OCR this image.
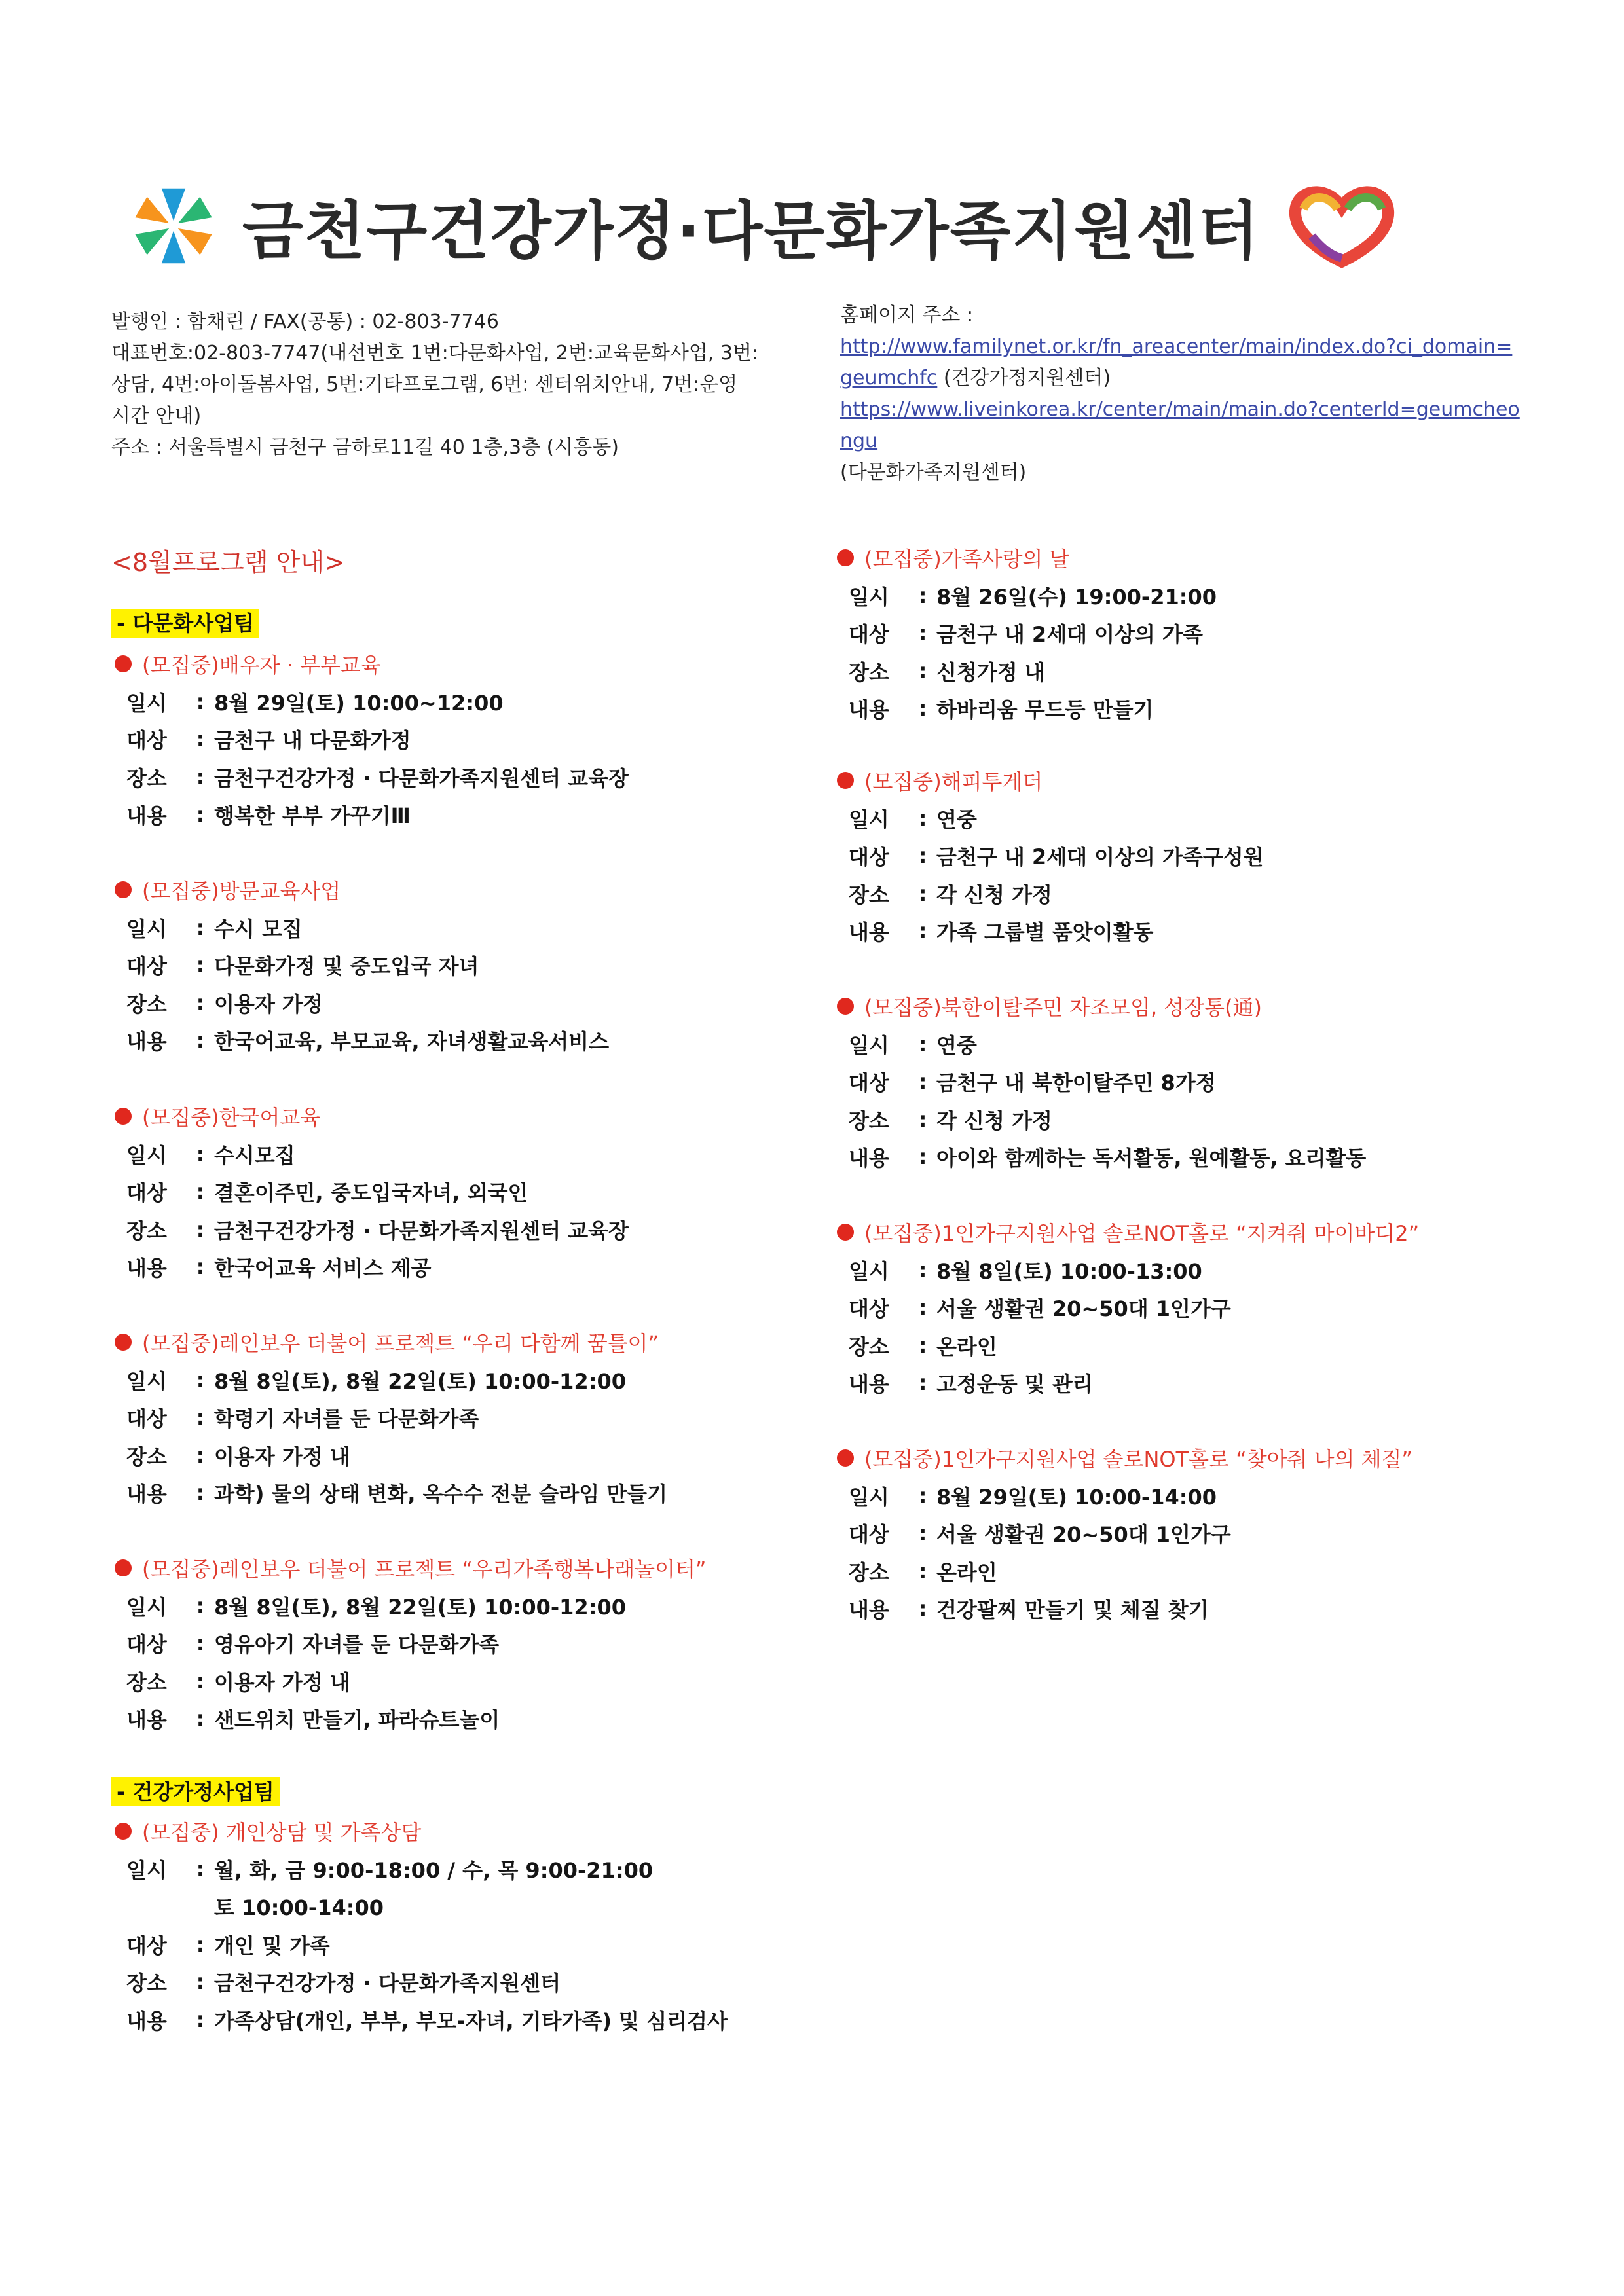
금천구건강가정·다문화가족지원센터
발행인 : 함채린 / FAX(공통) : 02-803-7746
대표번호:02-803-7747(내선번호 1번:다문화사업, 2번:교육문화사업, 3번:
상담, 4번:아이돌봄사업, 5번:기타프로그램, 6번: 센터위치안내, 7번:운영
시간 안내)
주소 : 서울특별시 금천구 금하로11길 40 1층,3층 (시흥동)
홈페이지 주소 :
http://www.familynet.or.kr/fn_areacenter/main/index.do?ci_domain=
geumchfc (건강가정지원센터)
https://www.liveinkorea.kr/center/main/main.do?centerId=geumcheo
ngu
(다문화가족지원센터)
<8월프로그램 안내>
- 다문화사업팀
(모집중)배우자 · 부부교육
일시	: 8월 29일(토) 10:00~12:00
대상	: 금천구 내 다문화가정
장소	: 금천구건강가정 · 다문화가족지원센터 교육장
내용	: 행복한 부부 가꾸기Ⅲ
(모집중)방문교육사업
일시	: 수시 모집
대상	: 다문화가정 및 중도입국 자녀
장소	: 이용자 가정
내용	: 한국어교육, 부모교육, 자녀생활교육서비스
(모집중)한국어교육
일시	: 수시모집
대상	: 결혼이주민, 중도입국자녀, 외국인
장소	: 금천구건강가정 · 다문화가족지원센터 교육장
내용	: 한국어교육 서비스 제공
(모집중)레인보우 더불어 프로젝트 “우리 다함께 꿈틀이”
일시	: 8월 8일(토), 8월 22일(토) 10:00-12:00
대상	: 학령기 자녀를 둔 다문화가족
장소	: 이용자 가정 내
내용	: 과학) 물의 상태 변화, 옥수수 전분 슬라임 만들기
(모집중)레인보우 더불어 프로젝트 “우리가족행복나래놀이터”
일시	: 8월 8일(토), 8월 22일(토) 10:00-12:00
대상	: 영유아기 자녀를 둔 다문화가족
장소	: 이용자 가정 내
내용	: 샌드위치 만들기, 파라슈트놀이
- 건강가정사업팀
(모집중) 개인상담 및 가족상담
일시	: 월, 화, 금 9:00-18:00 / 수, 목 9:00-21:00
토 10:00-14:00
대상	: 개인 및 가족
장소	: 금천구건강가정 · 다문화가족지원센터
내용	: 가족상담(개인, 부부, 부모-자녀, 기타가족) 및 심리검사
(모집중)가족사랑의 날
일시	: 8월 26일(수) 19:00-21:00
대상	: 금천구 내 2세대 이상의 가족
장소	: 신청가정 내
내용	: 하바리움 무드등 만들기
(모집중)해피투게더
일시	: 연중
대상	: 금천구 내 2세대 이상의 가족구성원
장소	: 각 신청 가정
내용	: 가족 그룹별 품앗이활동
(모집중)북한이탈주민 자조모임, 성장통(通)
일시	: 연중
대상	: 금천구 내 북한이탈주민 8가정
장소	: 각 신청 가정
내용	: 아이와 함께하는 독서활동, 원예활동, 요리활동
(모집중)1인가구지원사업 솔로NOT홀로 “지켜줘 마이바디2”
일시	: 8월 8일(토) 10:00-13:00
대상	: 서울 생활권 20~50대 1인가구
장소	: 온라인
내용	: 고정운동 및 관리
(모집중)1인가구지원사업 솔로NOT홀로 “찾아줘 나의 체질”
일시	: 8월 29일(토) 10:00-14:00
대상	: 서울 생활권 20~50대 1인가구
장소	: 온라인
내용	: 건강팔찌 만들기 및 체질 찾기
